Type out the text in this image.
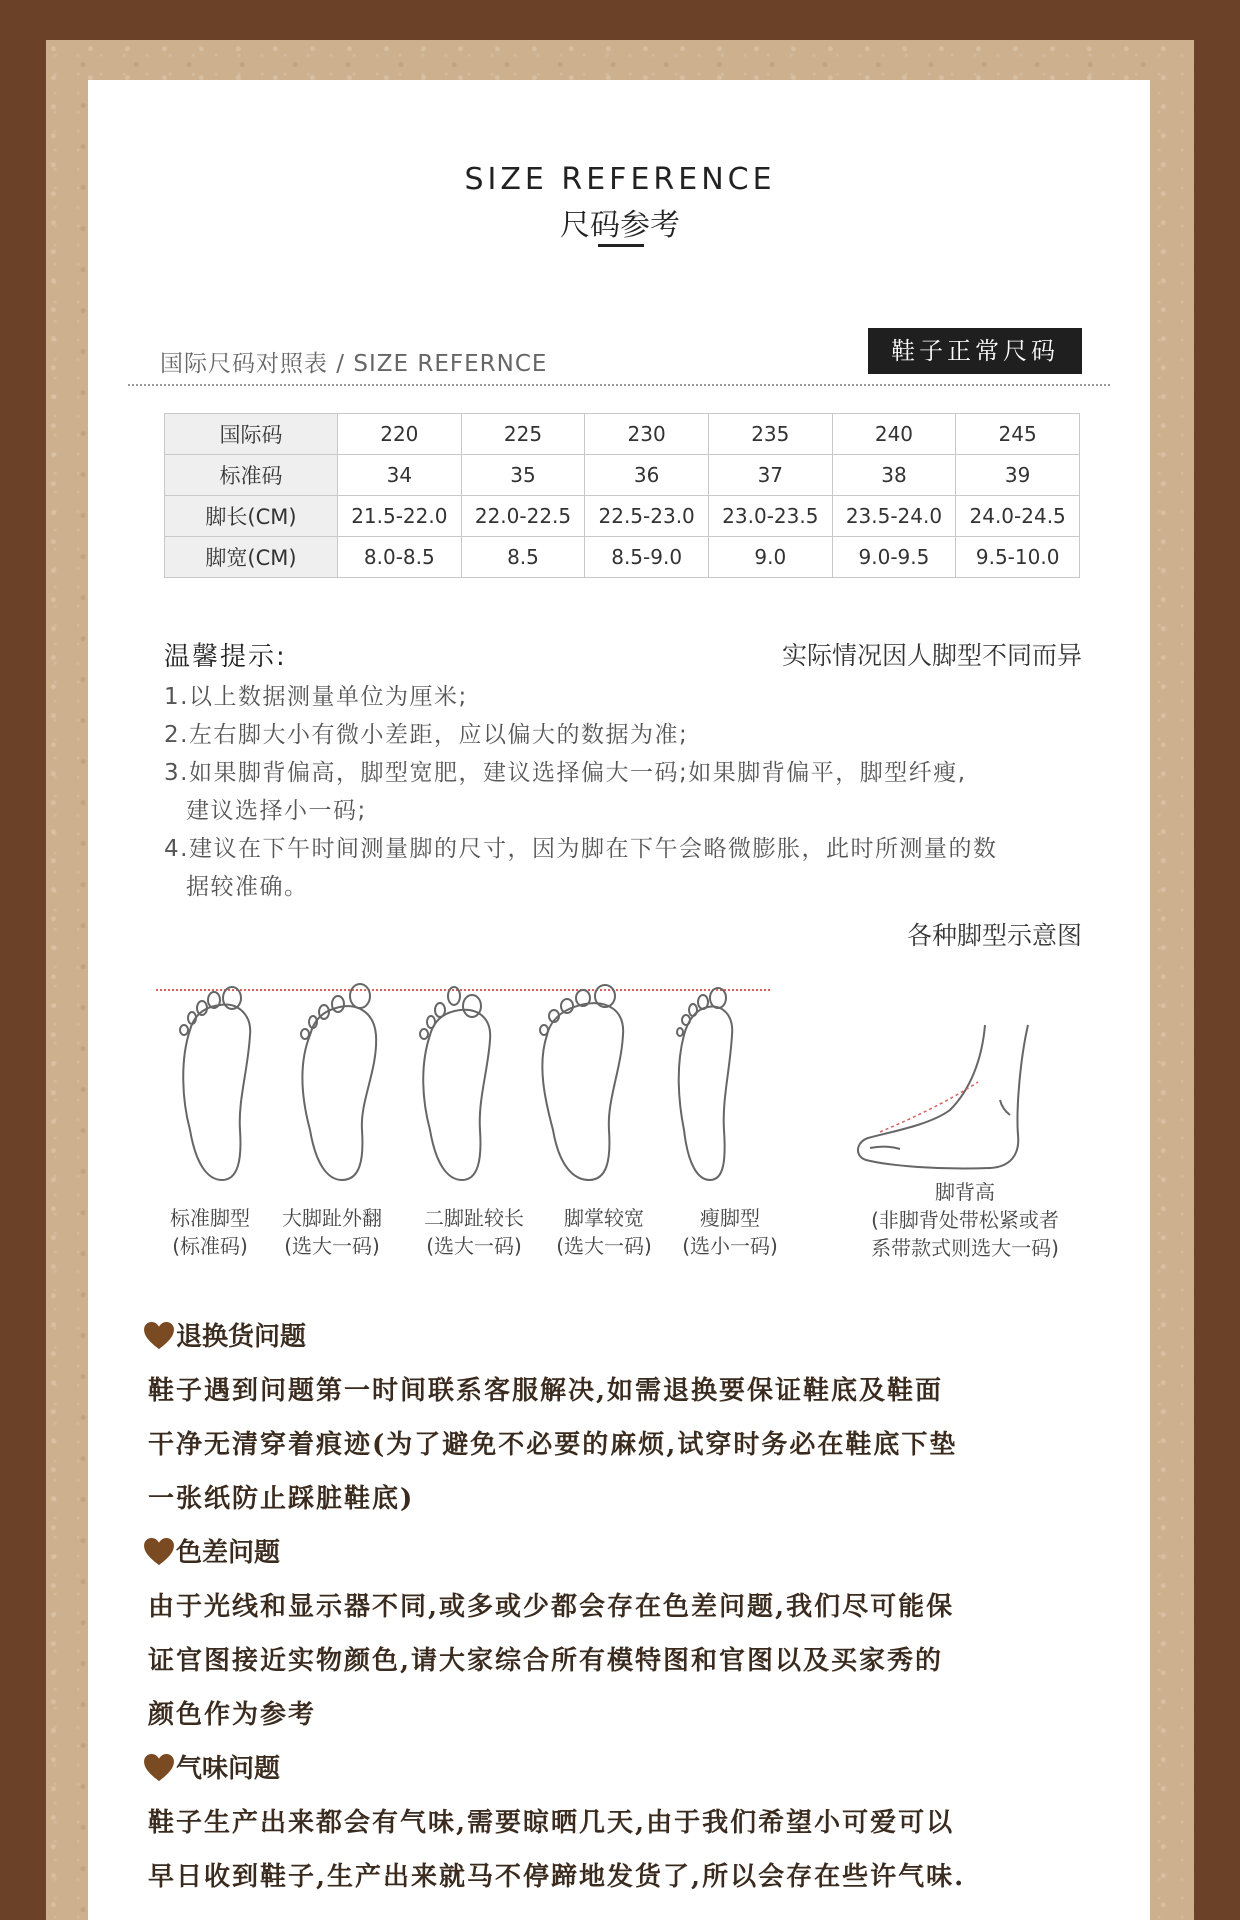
SIZE REFERENCE
尺码参考
国际尺码对照表 / SIZE REFERNCE	鞋子正常尺码
国际码	220	225	230	235	240	245
标准码	34	35	36	37	38	39
脚长(CM)	21.5-22.0	22.0-22.5	22.5-23.0	23.0-23.5	23.5-24.0	24.0-24.5
脚宽(CM)	8.0-8.5	8.5	8.5-9.0	9.0	9.0-9.5	9.5-10.0
温馨提示:	实际情况因人脚型不同而异
1.以上数据测量单位为厘米;
2.左右脚大小有微小差距，应以偏大的数据为准;
3.如果脚背偏高，脚型宽肥，建议选择偏大一码;如果脚背偏平，脚型纤瘦,
建议选择小一码;
4.建议在下午时间测量脚的尺寸，因为脚在下午会略微膨胀，此时所测量的数
据较准确。
各种脚型示意图
标准脚型
(标准码)
大脚趾外翻
(选大一码)
二脚趾较长
(选大一码)
脚掌较宽
(选大一码)
瘦脚型
(选小一码)
脚背高
(非脚背处带松紧或者
系带款式则选大一码)
退换货问题
鞋子遇到问题第一时间联系客服解决,如需退换要保证鞋底及鞋面
干净无清穿着痕迹(为了避免不必要的麻烦,试穿时务必在鞋底下垫
一张纸防止踩脏鞋底)
色差问题
由于光线和显示器不同,或多或少都会存在色差问题,我们尽可能保
证官图接近实物颜色,请大家综合所有模特图和官图以及买家秀的
颜色作为参考
气味问题
鞋子生产出来都会有气味,需要晾晒几天,由于我们希望小可爱可以
早日收到鞋子,生产出来就马不停蹄地发货了,所以会存在些许气味.
